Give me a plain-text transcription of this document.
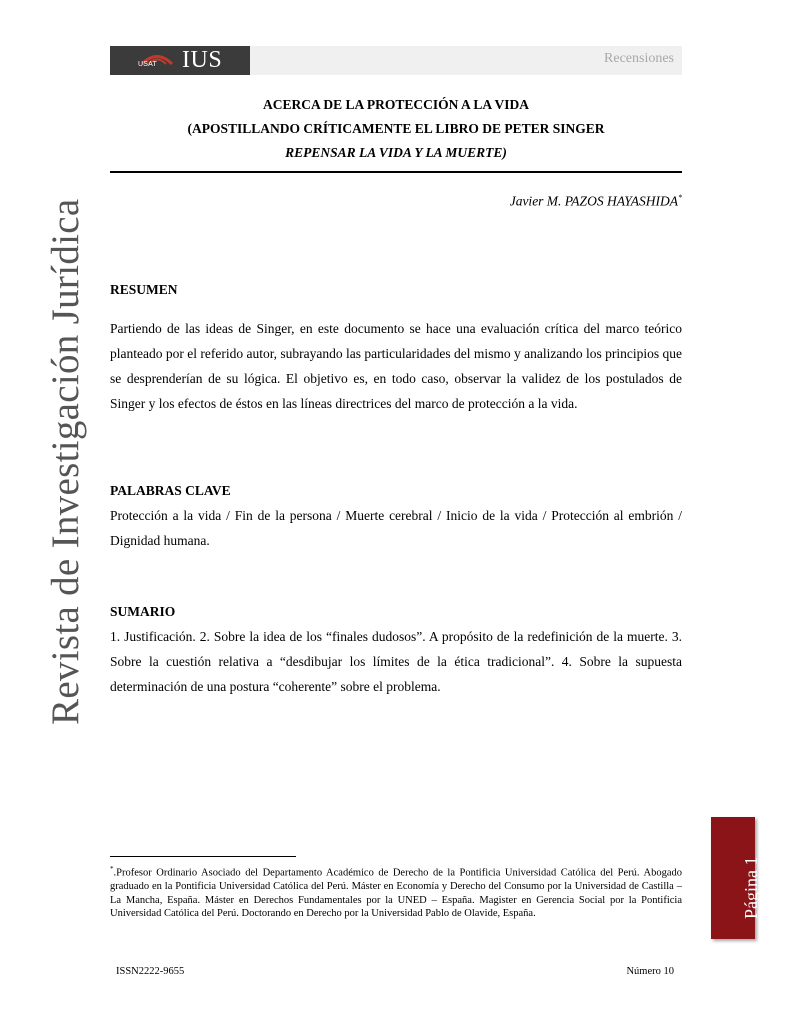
USAT IUS	Recensiones
ACERCA DE LA PROTECCIÓN A LA VIDA
(APOSTILLANDO CRÍTICAMENTE EL LIBRO DE PETER SINGER
REPENSAR LA VIDA Y LA MUERTE)
Javier M. PAZOS HAYASHIDA*
RESUMEN
Partiendo de las ideas de Singer, en este documento se hace una evaluación crítica del marco teórico planteado por el referido autor, subrayando las particularidades del mismo y analizando los principios que se desprenderían de su lógica. El objetivo es, en todo caso, observar la validez de los postulados de Singer y los efectos de éstos en las líneas directrices del marco de protección a la vida.
PALABRAS CLAVE
Protección a la vida / Fin de la persona / Muerte cerebral / Inicio de la vida / Protección al embrión / Dignidad humana.
SUMARIO
1. Justificación. 2. Sobre la idea de los “finales dudosos”. A propósito de la redefinición de la muerte. 3. Sobre la cuestión relativa a “desdibujar los límites de la ética tradicional”. 4. Sobre la supuesta determinación de una postura “coherente” sobre el problema.
Revista de Investigación Jurídica
*.Profesor Ordinario Asociado del Departamento Académico de Derecho de la Pontificia Universidad Católica del Perú. Abogado graduado en la Pontificia Universidad Católica del Perú. Máster en Economía y Derecho del Consumo por la Universidad de Castilla – La Mancha, España. Máster en Derechos Fundamentales por la UNED – España. Magister en Gerencia Social por la Pontificia Universidad Católica del Perú. Doctorando en Derecho por la Universidad Pablo de Olavide, España.	Página 1
ISSN2222-9655	Número 10
